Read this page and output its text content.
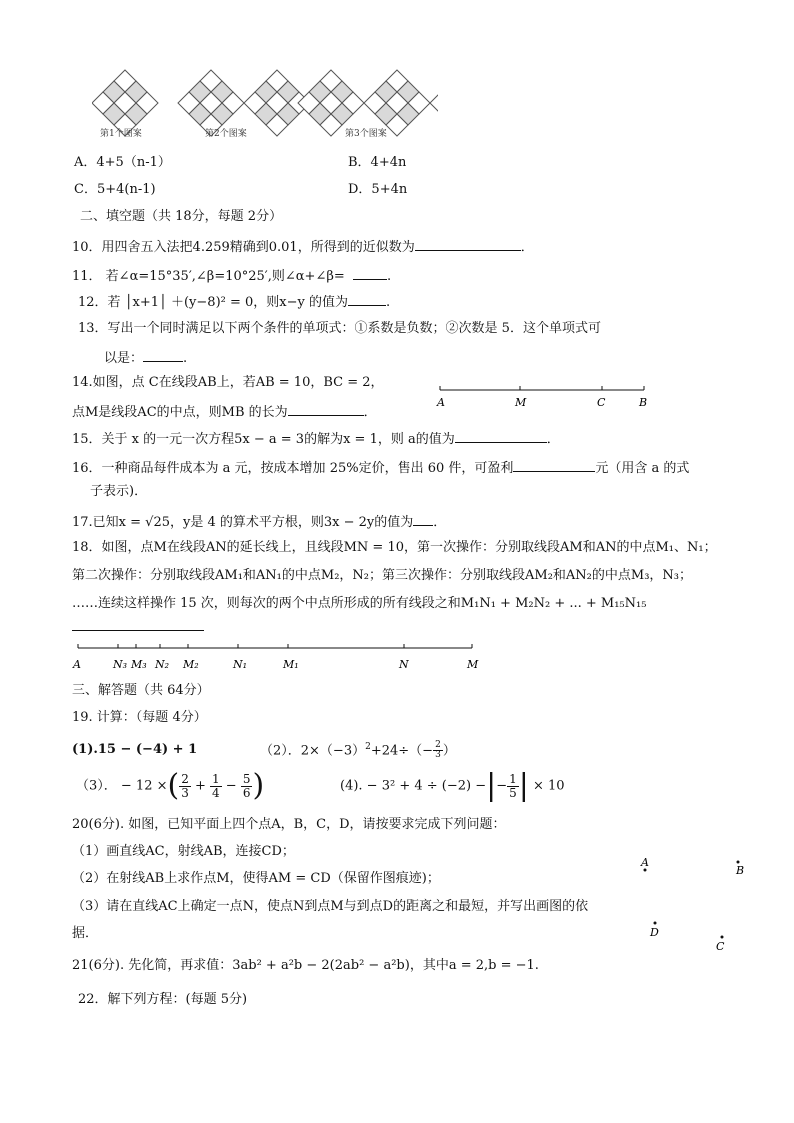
第1个图案	第2个图案	第3个图案
A．4+5（n-1）	B．4+4n
C．5+4(n-1)	D．5+4n
二、填空题（共 18分，每题 2分）
10．用四舍五入法把4.259精确到0.01，所得到的近似数为	．
11． 若∠α=15°35′,∠β=10°25′,则∠α+∠β=	.
12．若 │x+1│ ＋(y−8)² = 0，则x−y 的值为	.
13．写出一个同时满足以下两个条件的单项式：①系数是负数；②次数是 5．这个单项式可
以是：	.
14.如图，点 C在线段AB上，若AB = 10，BC = 2，
点M是线段AC的中点，则MB 的长为	．
A	M	C	B
15．关于 x 的一元一次方程5x − a = 3的解为x = 1，则 a的值为	．
16．一种商品每件成本为 a 元，按成本增加 25%定价，售出 60 件，可盈利	元（用含 a 的式
子表示)．
17.已知x = √25，y是 4 的算术平方根，则3x − 2y的值为 ．
18．如图，点M在线段AN的延长线上，且线段MN = 10，第一次操作：分别取线段AM和AN的中点M₁、N₁；
第二次操作：分别取线段AM₁和AN₁的中点M₂，N₂；第三次操作：分别取线段AM₂和AN₂的中点M₃，N₃；
……连续这样操作 15 次，则每次的两个中点所形成的所有线段之和M₁N₁ + M₂N₂ + ... + M₁₅N₁₅
A	N₃ M₃ N₂ M₂	N₁	M₁	N	M
三、解答题（共 64分）
19. 计算：（每题 4分）
(1).15 − (−4) + 1	（2）．$2\times(-3)^2+24\div(- \frac{2}{3}$ ）
（3）． − 12 ×( $\frac{2}{3} + \frac{1}{4} - \frac{5}{6}$ )	(4). − 3² + 4 ÷ (−2) −|− $\frac{1}{5}$ | × 10
20(6分). 如图，已知平面上四个点A，B，C，D，请按要求完成下列问题：
（1）画直线AC，射线AB，连接CD；
（2）在射线AB上求作点M，使得AM = CD（保留作图痕迹)；
（3）请在直线AC上确定一点N，使点N到点M与到点D的距离之和最短，并写出画图的依
据．
A
B
D
C
21(6分). 先化简，再求值：3ab² + a²b − 2(2ab² − a²b)，其中a = 2,b = −1.
22．解下列方程：(每题 5分)
